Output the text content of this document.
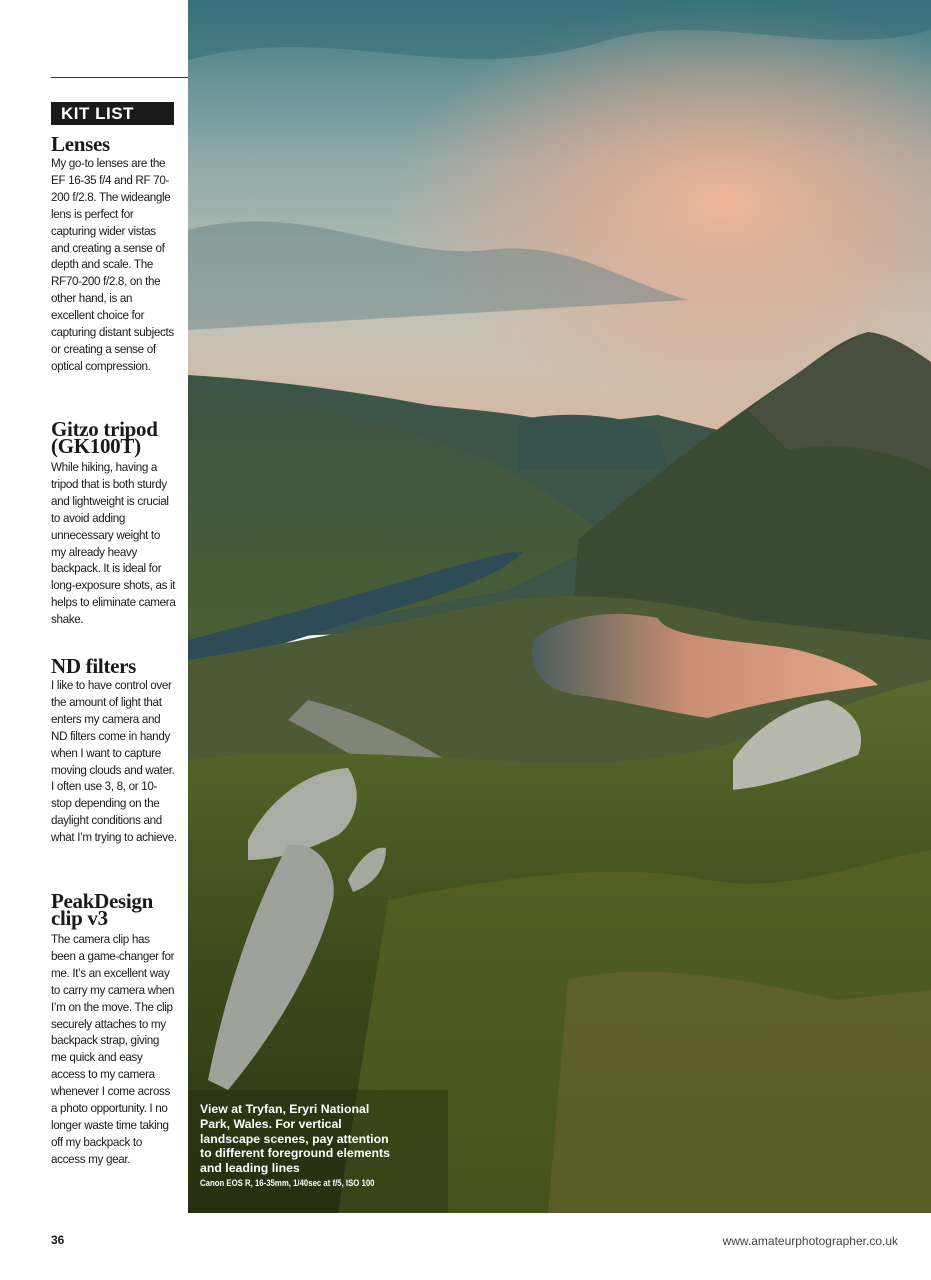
KIT LIST
Lenses

My go-to lenses are the EF 16-35 f/4 and RF 70-200 f/2.8. The wideangle lens is perfect for capturing wider vistas and creating a sense of depth and scale. The RF70-200 f/2.8, on the other hand, is an excellent choice for capturing distant subjects or creating a sense of optical compression.

Gitzo tripod (GK100T)

While hiking, having a tripod that is both sturdy and lightweight is crucial to avoid adding unnecessary weight to my already heavy backpack. It is ideal for long-exposure shots, as it helps to eliminate camera shake.

ND filters

I like to have control over the amount of light that enters my camera and ND filters come in handy when I want to capture moving clouds and water. I often use 3, 8, or 10-stop depending on the daylight conditions and what I’m trying to achieve.

PeakDesign clip v3

The camera clip has been a game-changer for me. It’s an excellent way to carry my camera when I’m on the move. The clip securely attaches to my backpack strap, giving me quick and easy access to my camera whenever I come across a photo opportunity. I no longer waste time taking off my backpack to access my gear.

View at Tryfan, Eryri National Park, Wales. For vertical landscape scenes, pay attention to different foreground elements and leading lines

Canon EOS R, 16-35mm, 1/40sec at f/5, ISO 100

36	www.amateurphotographer.co.uk
